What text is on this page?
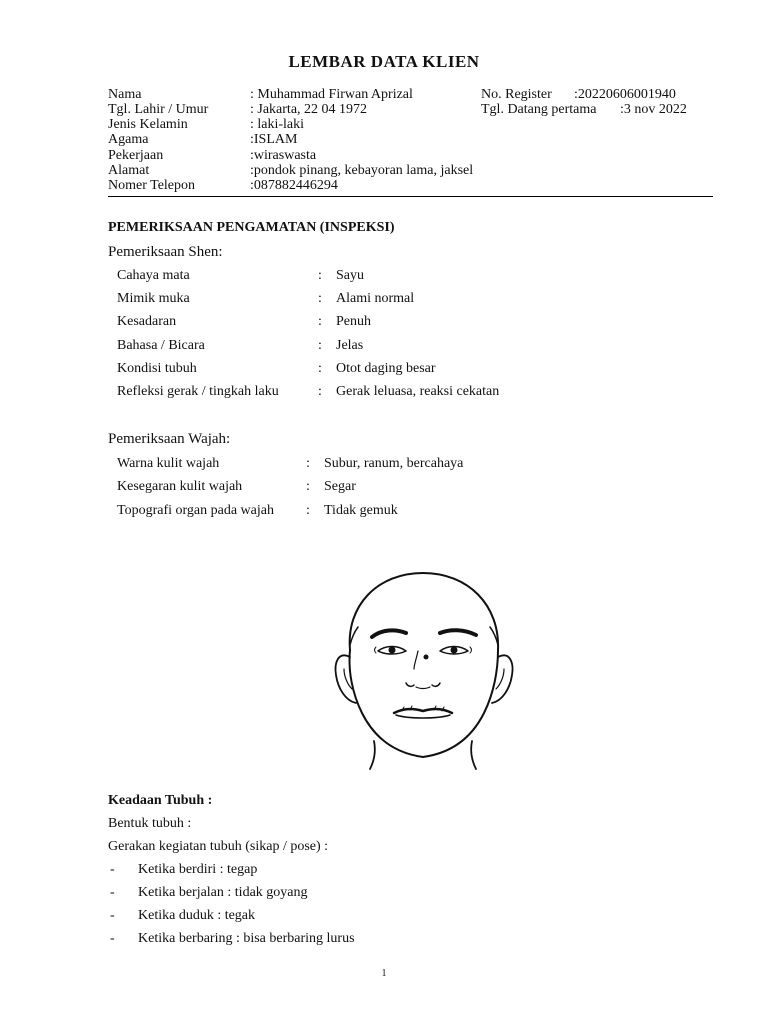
LEMBAR DATA KLIEN
Nama	: Muhammad Firwan Aprizal
Tgl. Lahir / Umur	: Jakarta, 22 04 1972
Jenis Kelamin	: laki-laki
Agama	:ISLAM
Pekerjaan	:wiraswasta
Alamat	:pondok pinang, kebayoran lama, jaksel
Nomer Telepon	:087882446294
No. Register :20220606001940
Tgl. Datang pertama :3 nov 2022
PEMERIKSAAN PENGAMATAN (INSPEKSI)
Pemeriksaan Shen:
Cahaya mata	: Sayu
Mimik muka	: Alami normal
Kesadaran	: Penuh
Bahasa / Bicara	: Jelas
Kondisi tubuh	: Otot daging besar
Refleksi gerak / tingkah laku	: Gerak leluasa, reaksi cekatan
Pemeriksaan Wajah:
Warna kulit wajah	: Subur, ranum, bercahaya
Kesegaran kulit wajah	: Segar
Topografi organ pada wajah : Tidak gemuk
Keadaan Tubuh :
Bentuk tubuh :
Gerakan kegiatan tubuh (sikap / pose) :
- Ketika berdiri : tegap
- Ketika berjalan : tidak goyang
- Ketika duduk : tegak
- Ketika berbaring : bisa berbaring lurus
1
